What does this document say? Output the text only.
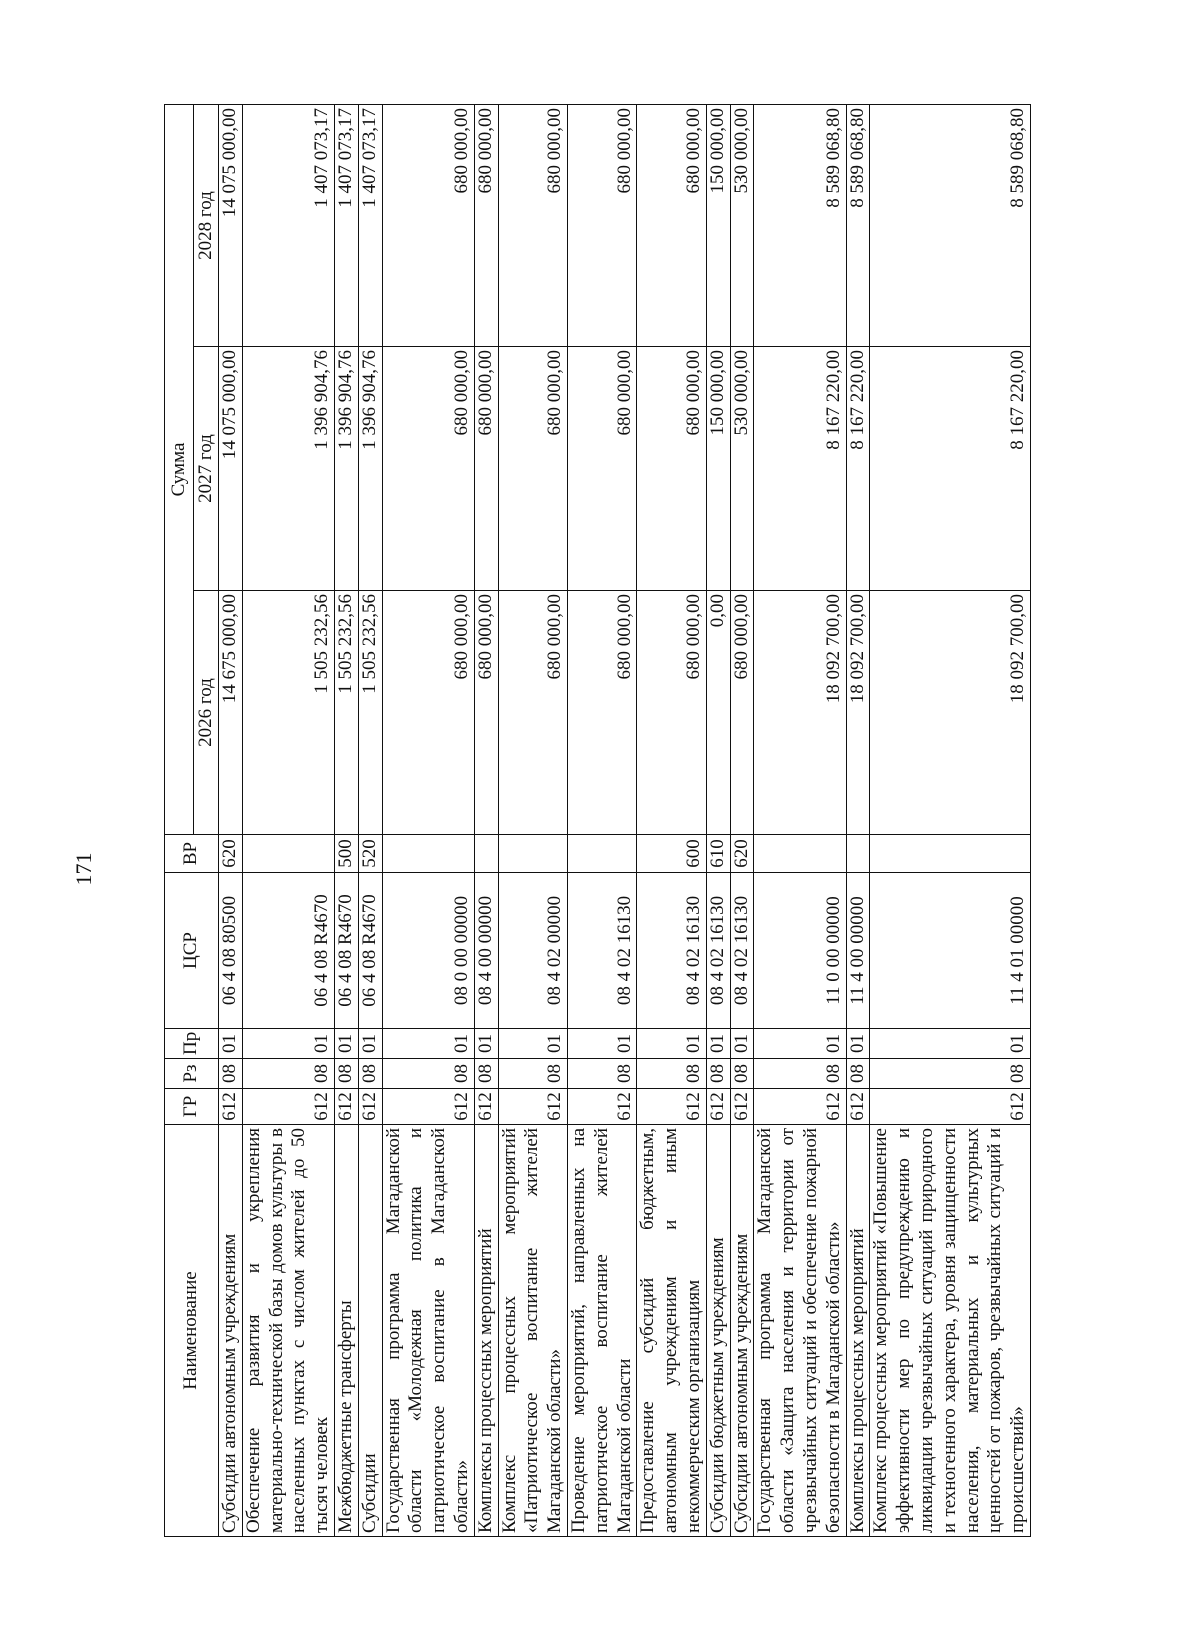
171
Наименование	ГР	Рз	Пр	ЦСР	ВР	Сумма		
						2026 год	2027 год	2028 год
Субсидии автономным учреждениям	612	08	01	06 4 08 80500	620	14 675 000,00	14 075 000,00	14 075 000,00
Обеспечение развития и укрепления материально-технической базы домов культуры в населенных пунктах с числом жителей до 50 тысяч человек	612	08	01	06 4 08 R4670		1 505 232,56	1 396 904,76	1 407 073,17
Межбюджетные трансферты	612	08	01	06 4 08 R4670	500	1 505 232,56	1 396 904,76	1 407 073,17
Субсидии	612	08	01	06 4 08 R4670	520	1 505 232,56	1 396 904,76	1 407 073,17
Государственная программа Магаданской области «Молодежная политика и патриотическое воспитание в Магаданской области»	612	08	01	08 0 00 00000		680 000,00	680 000,00	680 000,00
Комплексы процессных мероприятий	612	08	01	08 4 00 00000		680 000,00	680 000,00	680 000,00
Комплекс процессных мероприятий «Патриотическое воспитание жителей Магаданской области»	612	08	01	08 4 02 00000		680 000,00	680 000,00	680 000,00
Проведение мероприятий, направленных на патриотическое воспитание жителей Магаданской области	612	08	01	08 4 02 16130		680 000,00	680 000,00	680 000,00
Предоставление субсидий бюджетным, автономным учреждениям и иным некоммерческим организациям	612	08	01	08 4 02 16130	600	680 000,00	680 000,00	680 000,00
Субсидии бюджетным учреждениям	612	08	01	08 4 02 16130	610	0,00	150 000,00	150 000,00
Субсидии автономным учреждениям	612	08	01	08 4 02 16130	620	680 000,00	530 000,00	530 000,00
Государственная программа Магаданской области «Защита населения и территории от чрезвычайных ситуаций и обеспечение пожарной безопасности в Магаданской области»	612	08	01	11 0 00 00000		18 092 700,00	8 167 220,00	8 589 068,80
Комплексы процессных мероприятий	612	08	01	11 4 00 00000		18 092 700,00	8 167 220,00	8 589 068,80
Комплекс процессных мероприятий «Повышение эффективности мер по предупреждению и ликвидации чрезвычайных ситуаций природного и техногенного характера, уровня защищенности населения, материальных и культурных ценностей от пожаров, чрезвычайных ситуаций и происшествий»	612	08	01	11 4 01 00000		18 092 700,00	8 167 220,00	8 589 068,80
